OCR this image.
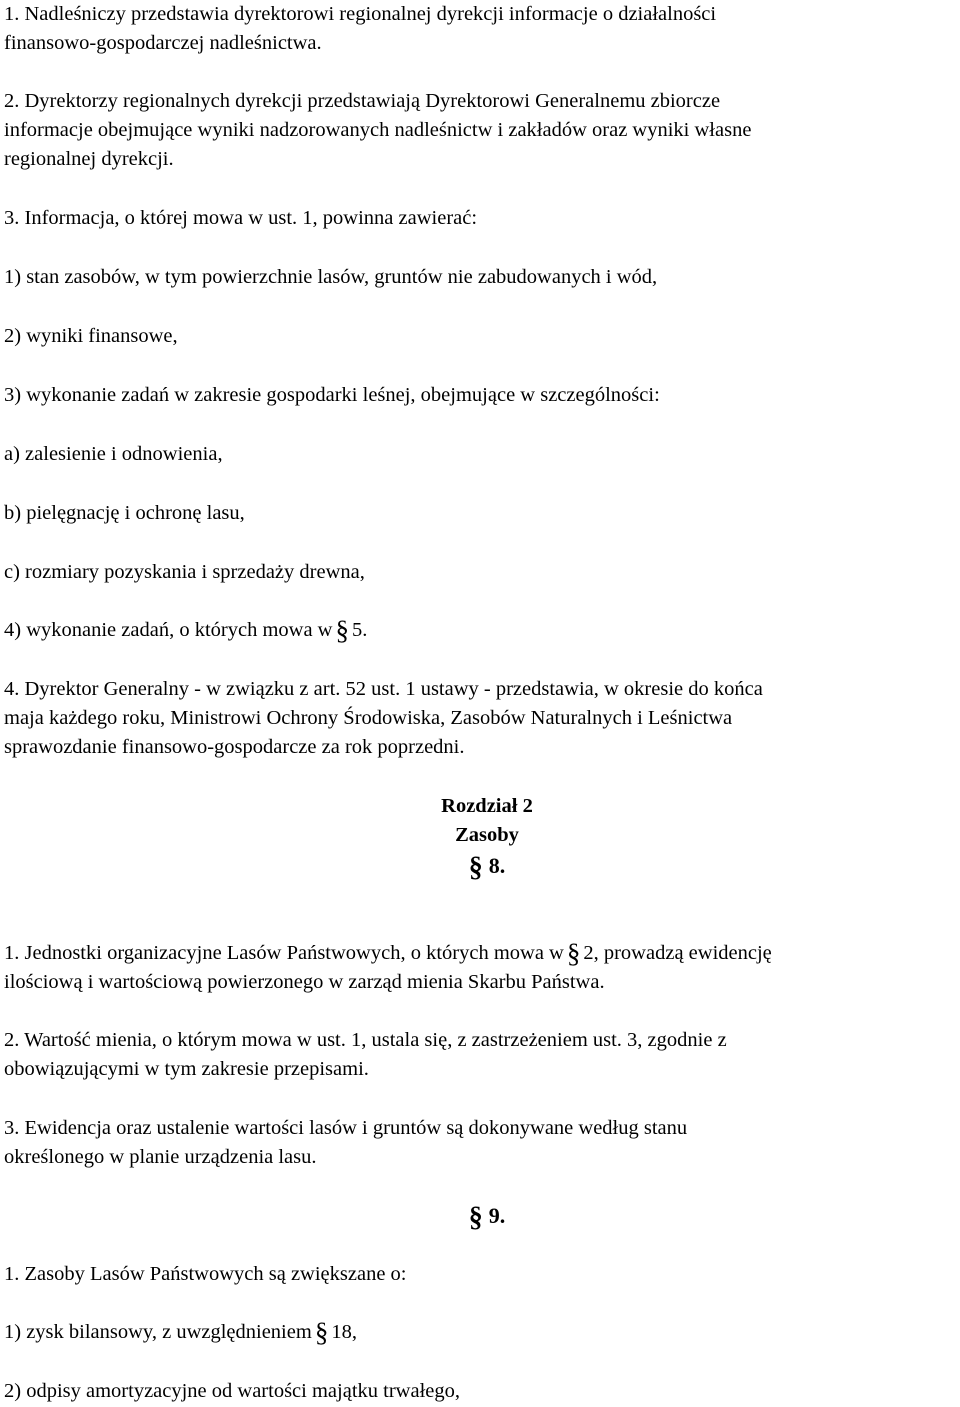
1. Nadleśniczy przedstawia dyrektorowi regionalnej dyrekcji informacje o działalności
finansowo-gospodarczej nadleśnictwa.
2. Dyrektorzy regionalnych dyrekcji przedstawiają Dyrektorowi Generalnemu zbiorcze
informacje obejmujące wyniki nadzorowanych nadleśnictw i zakładów oraz wyniki własne
regionalnej dyrekcji.
3. Informacja, o której mowa w ust. 1, powinna zawierać:
1) stan zasobów, w tym powierzchnie lasów, gruntów nie zabudowanych i wód,
2) wyniki finansowe,
3) wykonanie zadań w zakresie gospodarki leśnej, obejmujące w szczególności:
a) zalesienie i odnowienia,
b) pielęgnację i ochronę lasu,
c) rozmiary pozyskania i sprzedaży drewna,
4) wykonanie zadań, o których mowa w § 5.
4. Dyrektor Generalny - w związku z art. 52 ust. 1 ustawy - przedstawia, w okresie do końca
maja każdego roku, Ministrowi Ochrony Środowiska, Zasobów Naturalnych i Leśnictwa
sprawozdanie finansowo-gospodarcze za rok poprzedni.
Rozdział 2
Zasoby
§ 8.
1. Jednostki organizacyjne Lasów Państwowych, o których mowa w § 2, prowadzą ewidencję
ilościową i wartościową powierzonego w zarząd mienia Skarbu Państwa.
2. Wartość mienia, o którym mowa w ust. 1, ustala się, z zastrzeżeniem ust. 3, zgodnie z
obowiązującymi w tym zakresie przepisami.
3. Ewidencja oraz ustalenie wartości lasów i gruntów są dokonywane według stanu
określonego w planie urządzenia lasu.
§ 9.
1. Zasoby Lasów Państwowych są zwiększane o:
1) zysk bilansowy, z uwzględnieniem § 18,
2) odpisy amortyzacyjne od wartości majątku trwałego,
